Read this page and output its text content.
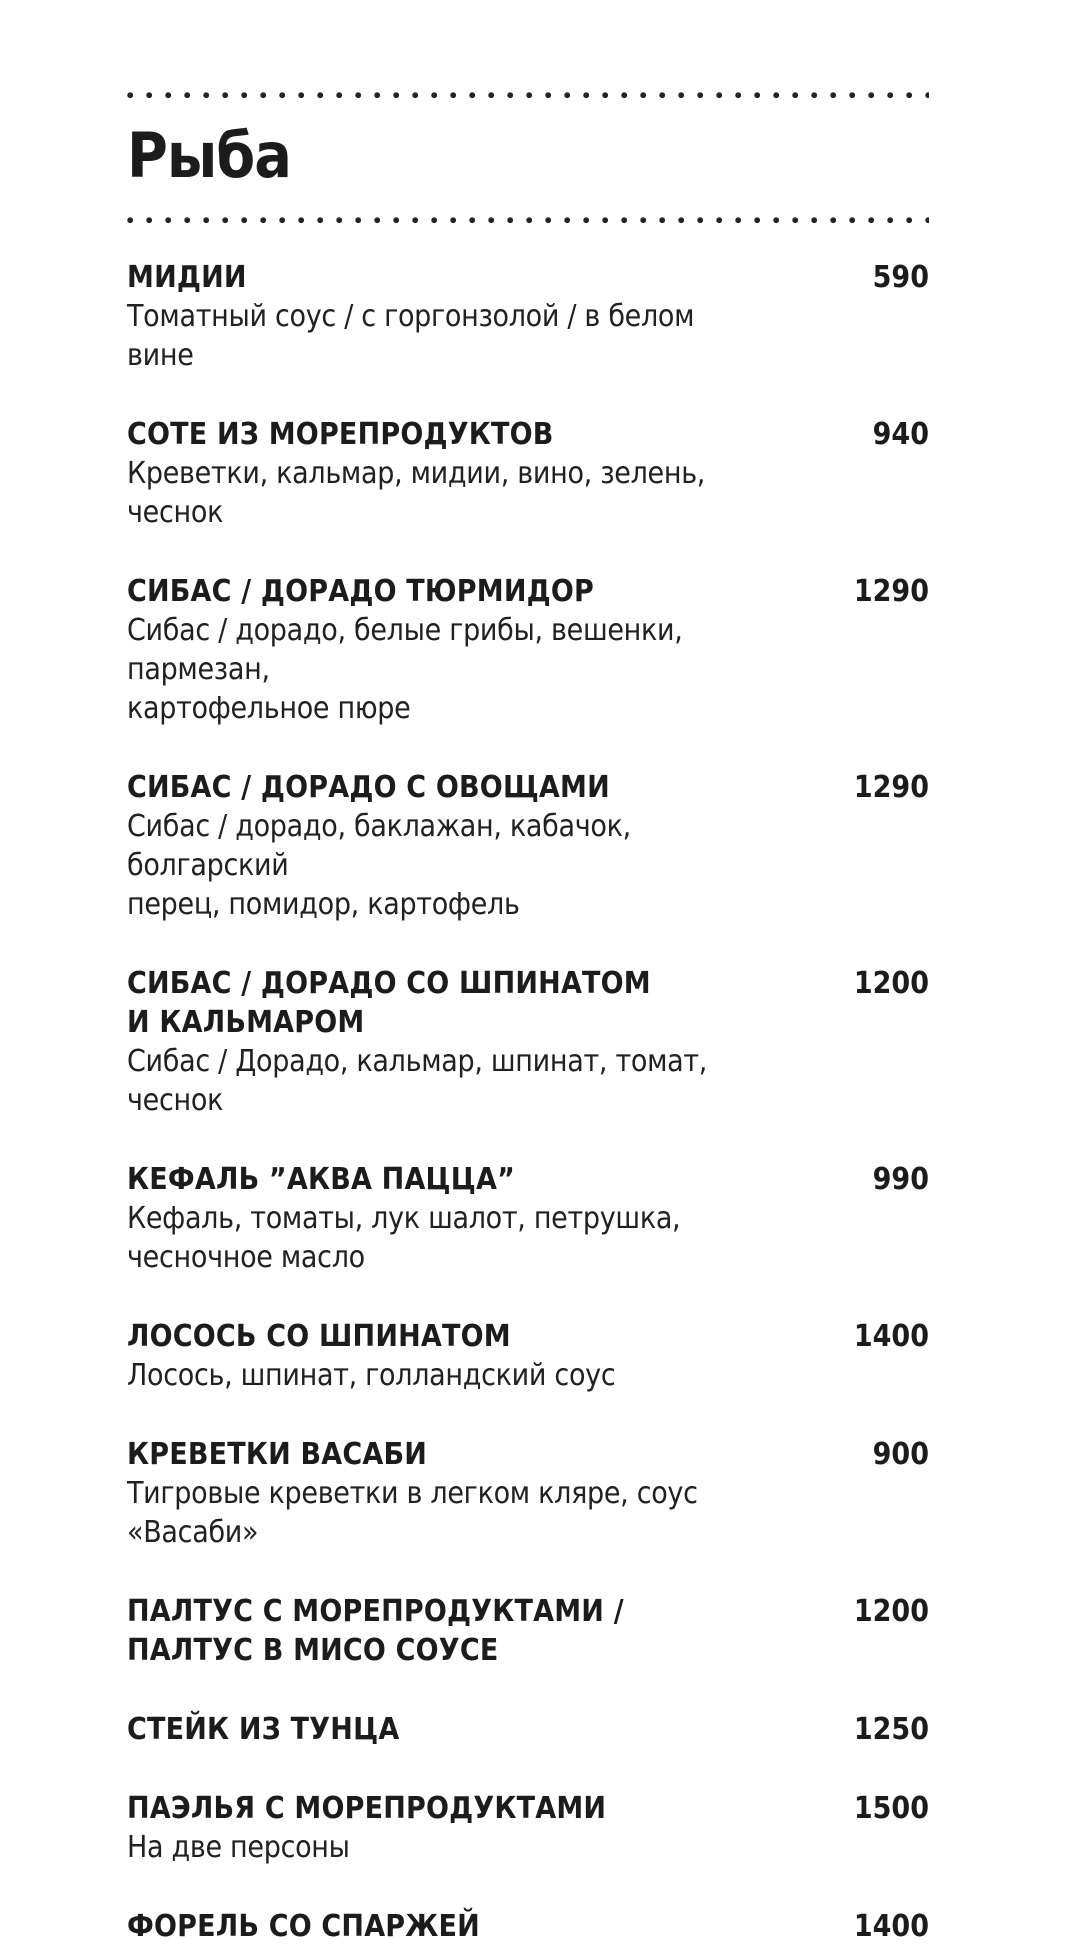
Рыба
МИДИИ	590
Томатный соус / с горгонзолой / в белом вине
СОТЕ ИЗ МОРЕПРОДУКТОВ	940
Креветки, кальмар, мидии, вино, зелень, чеснок
СИБАС / ДОРАДО ТЮРМИДОР	1290
Сибас / дорадо, белые грибы, вешенки, пармезан,
картофельное пюре
СИБАС / ДОРАДО С ОВОЩАМИ	1290
Сибас / дорадо, баклажан, кабачок, болгарский
перец, помидор, картофель
СИБАС / ДОРАДО СО ШПИНАТОМ
И КАЛЬМАРОМ
1200
Сибас / Дорадо, кальмар, шпинат, томат, чеснок
КЕФАЛЬ ”АКВА ПАЦЦА”	990
Кефаль, томаты, лук шалот, петрушка,
чесночное масло
ЛОСОСЬ СО ШПИНАТОМ	1400
Лосось, шпинат, голландский соус
КРЕВЕТКИ ВАСАБИ	900
Тигровые креветки в легком кляре, соус «Васаби»
ПАЛТУС С МОРЕПРОДУКТАМИ /
ПАЛТУС В МИСО СОУСЕ
1200
СТЕЙК ИЗ ТУНЦА	1250
ПАЭЛЬЯ С МОРЕПРОДУКТАМИ	1500
На две персоны
ФОРЕЛЬ СО СПАРЖЕЙ	1400
